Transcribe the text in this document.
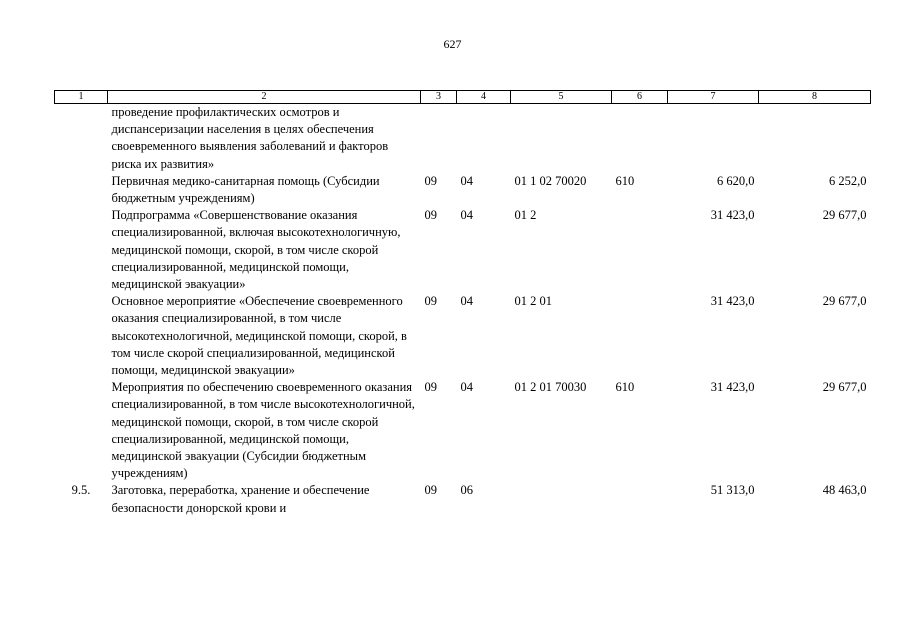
627
1	2	3	4	5	6	7	8
	проведение профилактических осмотров и диспансеризации населения в целях обеспечения своевременного выявления заболеваний и факторов риска их развития»						
	Первичная медико-санитарная помощь (Субсидии бюджетным учреждениям)	09	04	01 1 02 70020	610	6 620,0	6 252,0
	Подпрограмма «Совершенствование оказания специализированной, включая высокотехнологичную, медицинской помощи, скорой, в том числе скорой специализированной, медицинской помощи, медицинской эвакуации»	09	04	01 2		31 423,0	29 677,0
	Основное мероприятие «Обеспечение своевременного оказания специализированной, в том числе высокотехнологичной, медицинской помощи, скорой, в том числе скорой специализированной, медицинской помощи, медицинской эвакуации»	09	04	01 2 01		31 423,0	29 677,0
	Мероприятия по обеспечению своевременного оказания специализированной, в том числе высокотехнологичной, медицинской помощи, скорой, в том числе скорой специализированной, медицинской помощи, медицинской эвакуации (Субсидии бюджетным учреждениям)	09	04	01 2 01 70030	610	31 423,0	29 677,0
9.5.	Заготовка, переработка, хранение и обеспечение безопасности донорской крови и	09	06			51 313,0	48 463,0
